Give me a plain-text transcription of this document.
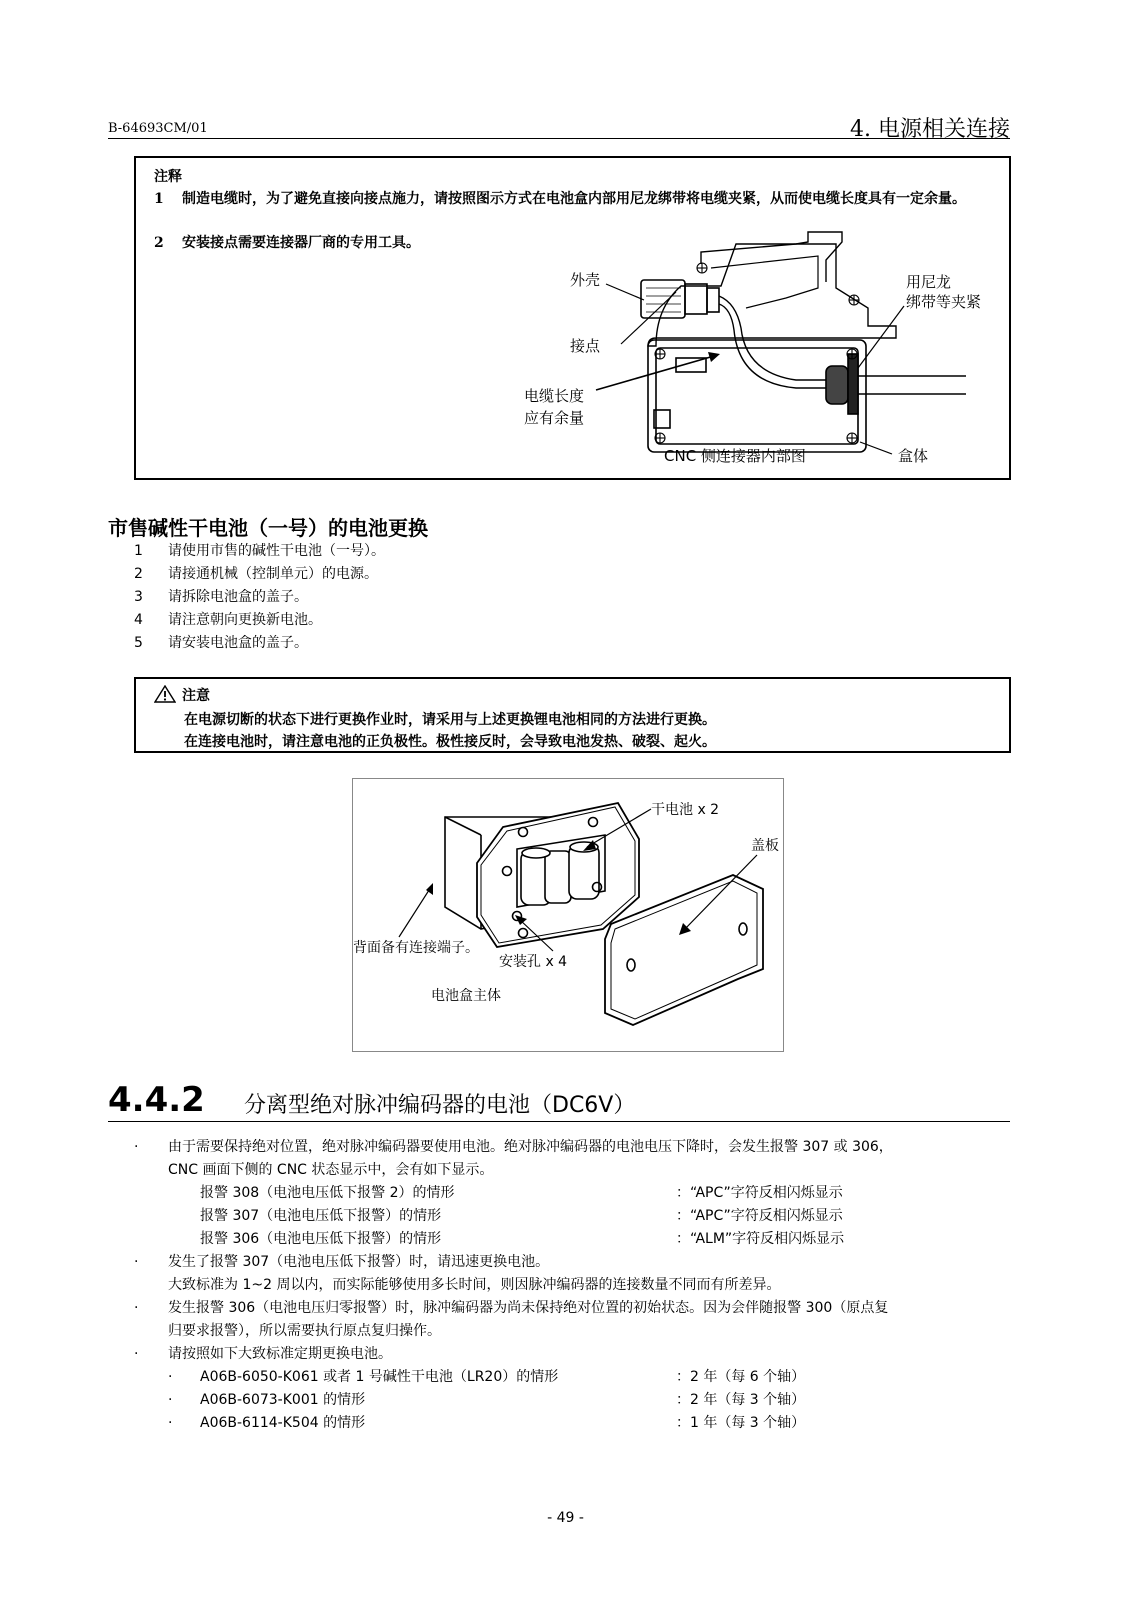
B-64693CM/01	4. 电源相关连接
注释
1 制造电缆时，为了避免直接向接点施力，请按照图示方式在电池盒内部用尼龙绑带将电缆夹紧，从而使电缆长度具有一定余量。
2 安装接点需要连接器厂商的专用工具。
外壳
接点
电缆长度
应有余量
用尼龙
绑带等夹紧
CNC 侧连接器内部图	盒体
市售碱性干电池（一号）的电池更换
1 请使用市售的碱性干电池（一号）。
2 请接通机械（控制单元）的电源。
3 请拆除电池盒的盖子。
4 请注意朝向更换新电池。
5 请安装电池盒的盖子。
注意
在电源切断的状态下进行更换作业时，请采用与上述更换锂电池相同的方法进行更换。
在连接电池时，请注意电池的正负极性。极性接反时，会导致电池发热、破裂、起火。
干电池 x 2
盖板
背面备有连接端子。
安装孔 x 4
电池盒主体
4.4.2 分离型绝对脉冲编码器的电池（DC6V）
· 由于需要保持绝对位置，绝对脉冲编码器要使用电池。绝对脉冲编码器的电池电压下降时，会发生报警 307 或 306，
CNC 画面下侧的 CNC 状态显示中，会有如下显示。
报警 308（电池电压低下报警 2）的情形	：“APC”字符反相闪烁显示
报警 307（电池电压低下报警）的情形	：“APC”字符反相闪烁显示
报警 306（电池电压低下报警）的情形	：“ALM”字符反相闪烁显示
· 发生了报警 307（电池电压低下报警）时，请迅速更换电池。
大致标准为 1~2 周以内，而实际能够使用多长时间，则因脉冲编码器的连接数量不同而有所差异。
· 发生报警 306（电池电压归零报警）时，脉冲编码器为尚未保持绝对位置的初始状态。因为会伴随报警 300（原点复
归要求报警），所以需要执行原点复归操作。
· 请按照如下大致标准定期更换电池。
· A06B-6050-K061 或者 1 号碱性干电池（LR20）的情形	：2 年（每 6 个轴）
· A06B-6073-K001 的情形	：2 年（每 3 个轴）
· A06B-6114-K504 的情形	：1 年（每 3 个轴）
- 49 -
